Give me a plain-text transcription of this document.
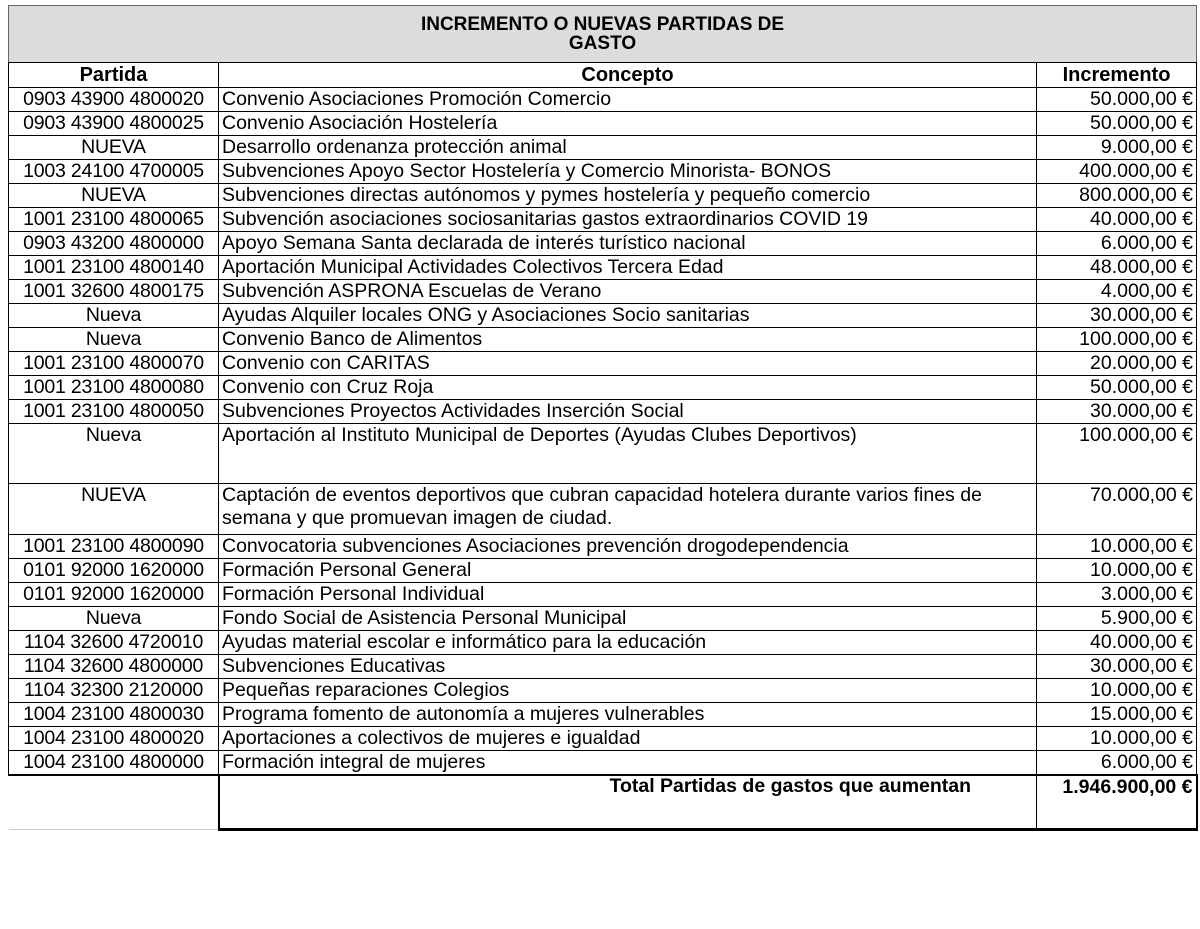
INCREMENTO O NUEVAS PARTIDAS DE
GASTO		

Partida	Concepto	Incremento
0903 43900 4800020	Convenio Asociaciones Promoción Comercio	50.000,00 €
0903 43900 4800025	Convenio Asociación Hostelería	50.000,00 €
NUEVA	Desarrollo ordenanza protección animal	9.000,00 €
1003 24100 4700005	Subvenciones Apoyo Sector Hostelería y Comercio Minorista- BONOS	400.000,00 €
NUEVA	Subvenciones directas autónomos y pymes hostelería y pequeño comercio	800.000,00 €
1001 23100 4800065	Subvención asociaciones sociosanitarias gastos extraordinarios COVID 19	40.000,00 €
0903 43200 4800000	Apoyo Semana Santa declarada de interés turístico nacional	6.000,00 €
1001 23100 4800140	Aportación Municipal Actividades Colectivos Tercera Edad	48.000,00 €
1001 32600 4800175	Subvención ASPRONA Escuelas de Verano	4.000,00 €
Nueva	Ayudas Alquiler locales ONG y Asociaciones Socio sanitarias	30.000,00 €
Nueva	Convenio Banco de Alimentos	100.000,00 €
1001 23100 4800070	Convenio con CARITAS	20.000,00 €
1001 23100 4800080	Convenio con Cruz Roja	50.000,00 €
1001 23100 4800050	Subvenciones Proyectos Actividades Inserción Social	30.000,00 €
Nueva	Aportación al Instituto Municipal de Deportes (Ayudas Clubes Deportivos)	100.000,00 €
NUEVA	Captación de eventos deportivos que cubran capacidad hotelera durante varios fines de semana y que promuevan imagen de ciudad.	70.000,00 €
1001 23100 4800090	Convocatoria subvenciones Asociaciones prevención drogodependencia	10.000,00 €
0101 92000 1620000	Formación Personal General	10.000,00 €
0101 92000 1620000	Formación Personal Individual	3.000,00 €
Nueva	Fondo Social de Asistencia Personal Municipal	5.900,00 €
1104 32600 4720010	Ayudas material escolar e informático para la educación	40.000,00 €
1104 32600 4800000	Subvenciones Educativas	30.000,00 €
1104 32300 2120000	Pequeñas reparaciones Colegios	10.000,00 €
1004 23100 4800030	Programa fomento de autonomía a mujeres vulnerables	15.000,00 €
1004 23100 4800020	Aportaciones a colectivos de mujeres e igualdad	10.000,00 €
1004 23100 4800000	Formación integral de mujeres	6.000,00 €
	Total Partidas de gastos que aumentan	1.946.900,00 €
